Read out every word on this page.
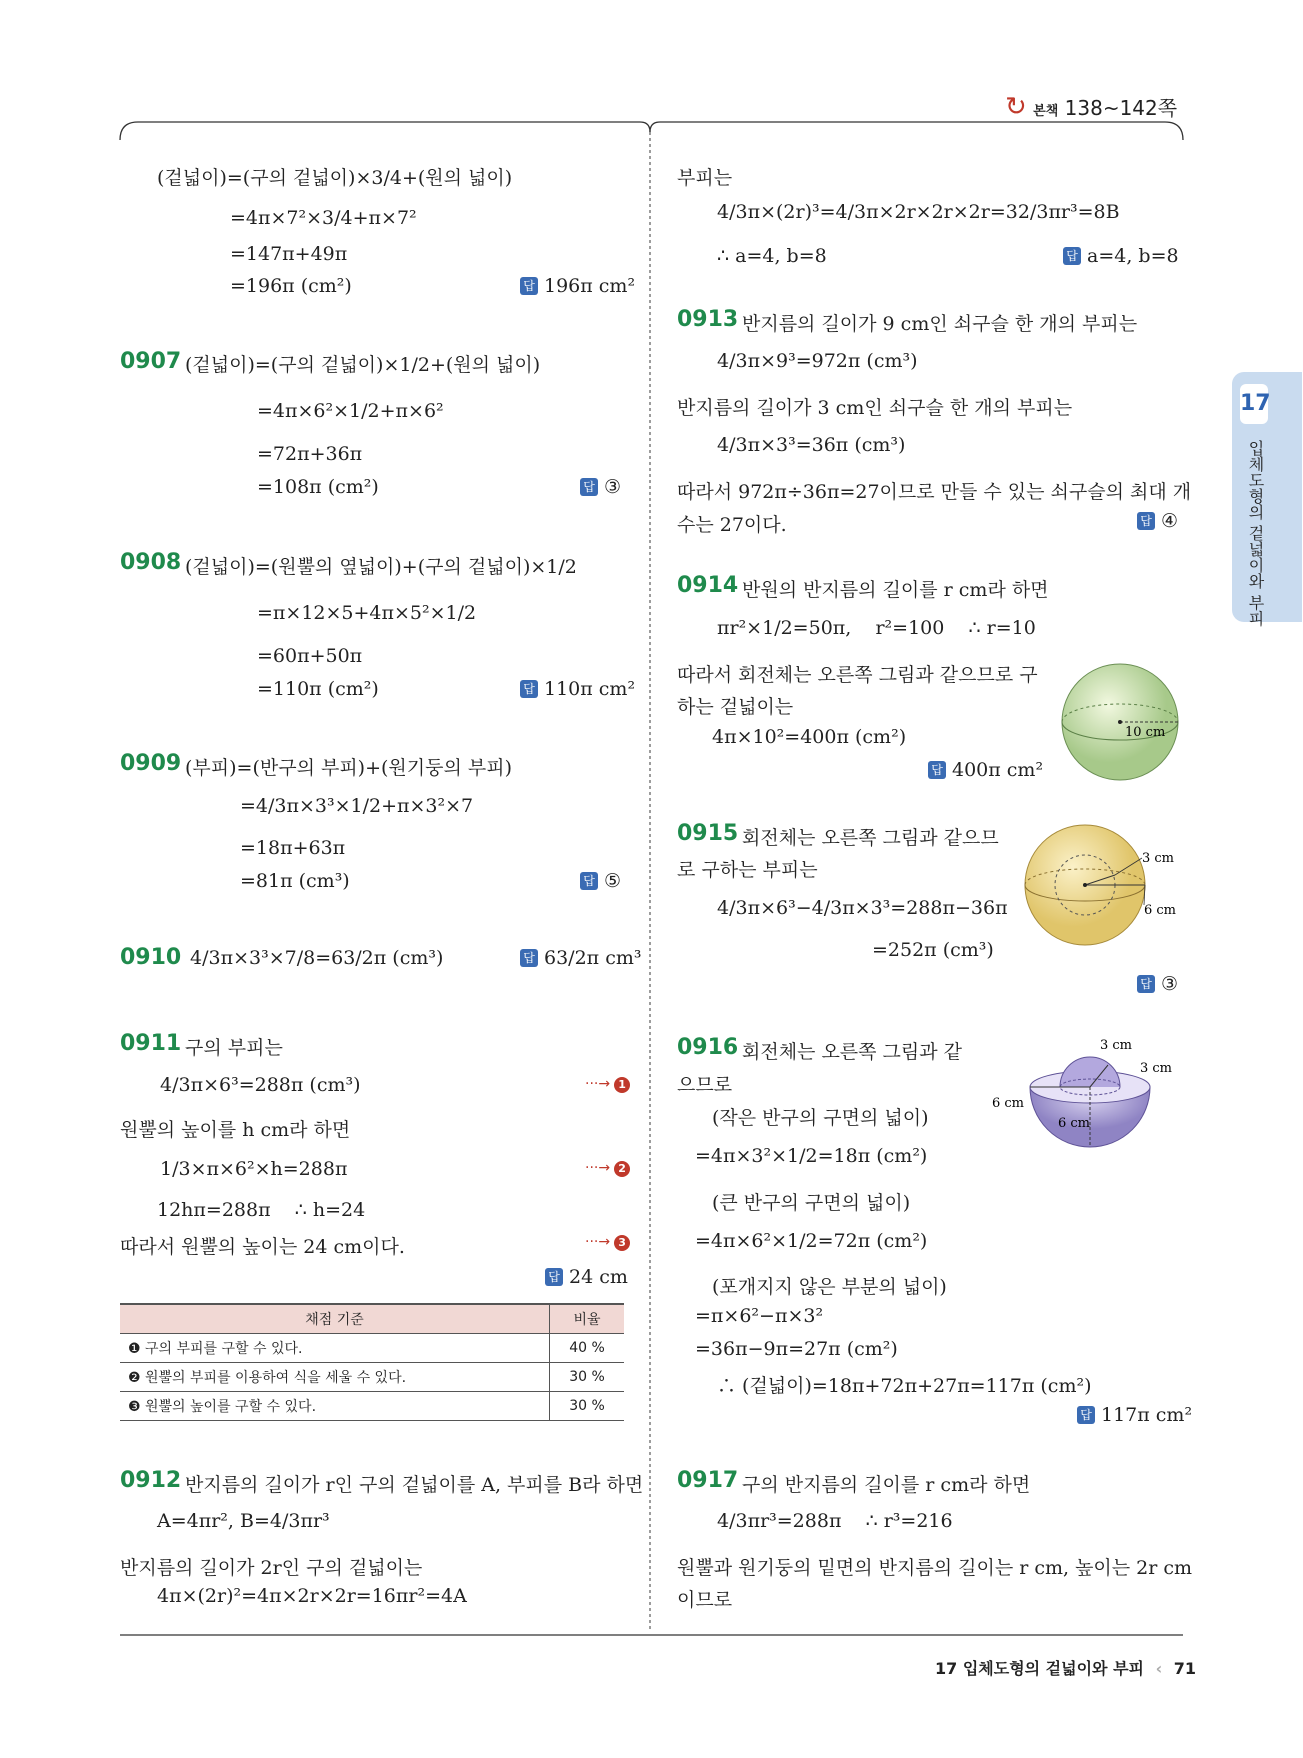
↻ 본책 138~142쪽
17
입체도형의 겉넓이와 부피
(겉넓이)=(구의 겉넓이)×3/4+(원의 넓이)
=4π×7²×3/4+π×7²
=147π+49π
=196π (cm²)	답 196π cm²
0907 (겉넓이)=(구의 겉넓이)×1/2+(원의 넓이)
=4π×6²×1/2+π×6²
=72π+36π
=108π (cm²)	답 ③
0908 (겉넓이)=(원뿔의 옆넓이)+(구의 겉넓이)×1/2
=π×12×5+4π×5²×1/2
=60π+50π
=110π (cm²)	답 110π cm²
0909 (부피)=(반구의 부피)+(원기둥의 부피)
=4/3π×3³×1/2+π×3²×7
=18π+63π
=81π (cm³)	답 ⑤
0910 4/3π×3³×7/8=63/2π (cm³)	답 63/2π cm³
0911 구의 부피는
4/3π×6³=288π (cm³)	···→ 1
원뿔의 높이를 h cm라 하면
1/3×π×6²×h=288π	···→ 2
12hπ=288π    ∴ h=24
따라서 원뿔의 높이는 24 cm이다.	···→ 3
답 24 cm
채점 기준	비율
❶ 구의 부피를 구할 수 있다.	40 %
❷ 원뿔의 부피를 이용하여 식을 세울 수 있다.	30 %
❸ 원뿔의 높이를 구할 수 있다.	30 %
0912 반지름의 길이가 r인 구의 겉넓이를 A, 부피를 B라 하면
A=4πr², B=4/3πr³
반지름의 길이가 2r인 구의 겉넓이는
4π×(2r)²=4π×2r×2r=16πr²=4A
부피는
4/3π×(2r)³=4/3π×2r×2r×2r=32/3πr³=8B
∴ a=4, b=8	답 a=4, b=8
0913 반지름의 길이가 9 cm인 쇠구슬 한 개의 부피는
4/3π×9³=972π (cm³)
반지름의 길이가 3 cm인 쇠구슬 한 개의 부피는
4/3π×3³=36π (cm³)
따라서 972π÷36π=27이므로 만들 수 있는 쇠구슬의 최대 개
수는 27이다.	답 ④
0914 반원의 반지름의 길이를 r cm라 하면
πr²×1/2=50π,    r²=100    ∴ r=10
따라서 회전체는 오른쪽 그림과 같으므로 구
하는 겉넓이는
4π×10²=400π (cm²)
답 400π cm²
10 cm
0915 회전체는 오른쪽 그림과 같으므
로 구하는 부피는
4/3π×6³−4/3π×3³=288π−36π
=252π (cm³)
답 ③
3 cm
6 cm
0916 회전체는 오른쪽 그림과 같
으므로
(작은 반구의 구면의 넓이)
=4π×3²×1/2=18π (cm²)
(큰 반구의 구면의 넓이)
=4π×6²×1/2=72π (cm²)
(포개지지 않은 부분의 넓이)
=π×6²−π×3²
=36π−9π=27π (cm²)
∴ (겉넓이)=18π+72π+27π=117π (cm²)
답 117π cm²
3 cm
3 cm
6 cm
6 cm
0917 구의 반지름의 길이를 r cm라 하면
4/3πr³=288π    ∴ r³=216
원뿔과 원기둥의 밑면의 반지름의 길이는 r cm, 높이는 2r cm
이므로
17 입체도형의 겉넓이와 부피 ‹ 71
